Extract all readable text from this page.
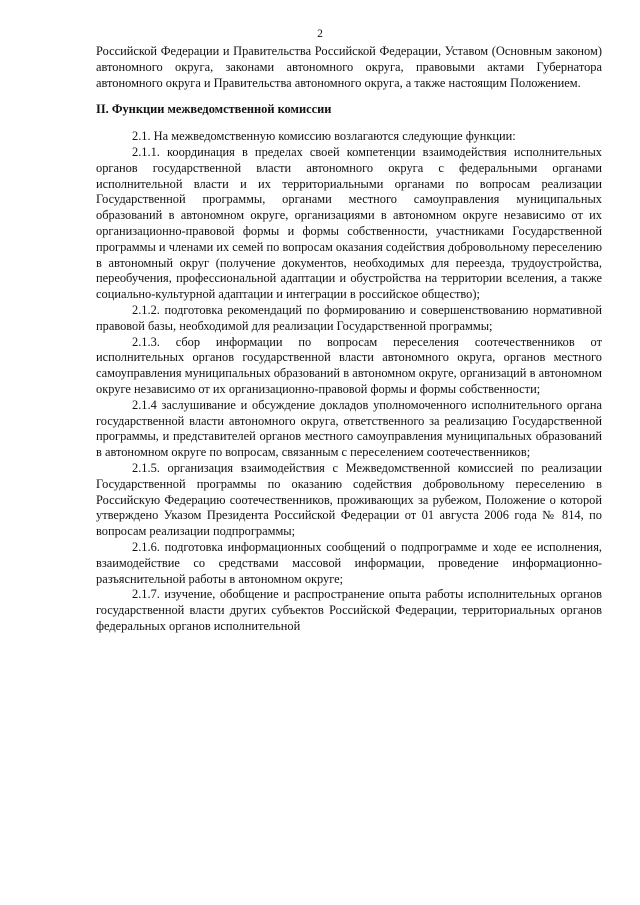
2

Российской Федерации и Правительства Российской Федерации, Уставом (Основным законом) автономного округа, законами автономного округа, правовыми актами Губернатора автономного округа и Правительства автономного округа, а также настоящим Положением.

II. Функции межведомственной комиссии

2.1. На межведомственную комиссию возлагаются следующие функции:

2.1.1. координация в пределах своей компетенции взаимодействия исполнительных органов государственной власти автономного округа с федеральными органами исполнительной власти и их территориальными органами по вопросам реализации Государственной программы, органами местного самоуправления муниципальных образований в автономном округе, организациями в автономном округе независимо от их организационно-правовой формы и формы собственности, участниками Государственной программы и членами их семей по вопросам оказания содействия добровольному переселению в автономный округ (получение документов, необходимых для переезда, трудоустройства, переобучения, профессиональной адаптации и обустройства на территории вселения, а также социально-культурной адаптации и интеграции в российское общество);

2.1.2. подготовка рекомендаций по формированию и совершенствованию нормативной правовой базы, необходимой для реализации Государственной программы;

2.1.3. сбор информации по вопросам переселения соотечественников от исполнительных органов государственной власти автономного округа, органов местного самоуправления муниципальных образований в автономном округе, организаций в автономном округе независимо от их организационно-правовой формы и формы собственности;

2.1.4 заслушивание и обсуждение докладов уполномоченного исполнительного органа государственной власти автономного округа, ответственного за реализацию Государственной программы, и представителей органов местного самоуправления муниципальных образований в автономном округе по вопросам, связанным с переселением соотечественников;

2.1.5. организация взаимодействия с Межведомственной комиссией по реализации Государственной программы по оказанию содействия добровольному переселению в Российскую Федерацию соотечественников, проживающих за рубежом, Положение о которой утверждено Указом Президента Российской Федерации от 01 августа 2006 года № 814, по вопросам реализации подпрограммы;

2.1.6. подготовка информационных сообщений о подпрограмме и ходе ее исполнения, взаимодействие со средствами массовой информации, проведение информационно-разъяснительной работы в автономном округе;

2.1.7. изучение, обобщение и распространение опыта работы исполнительных органов государственной власти других субъектов Российской Федерации, территориальных органов федеральных органов исполнительной
